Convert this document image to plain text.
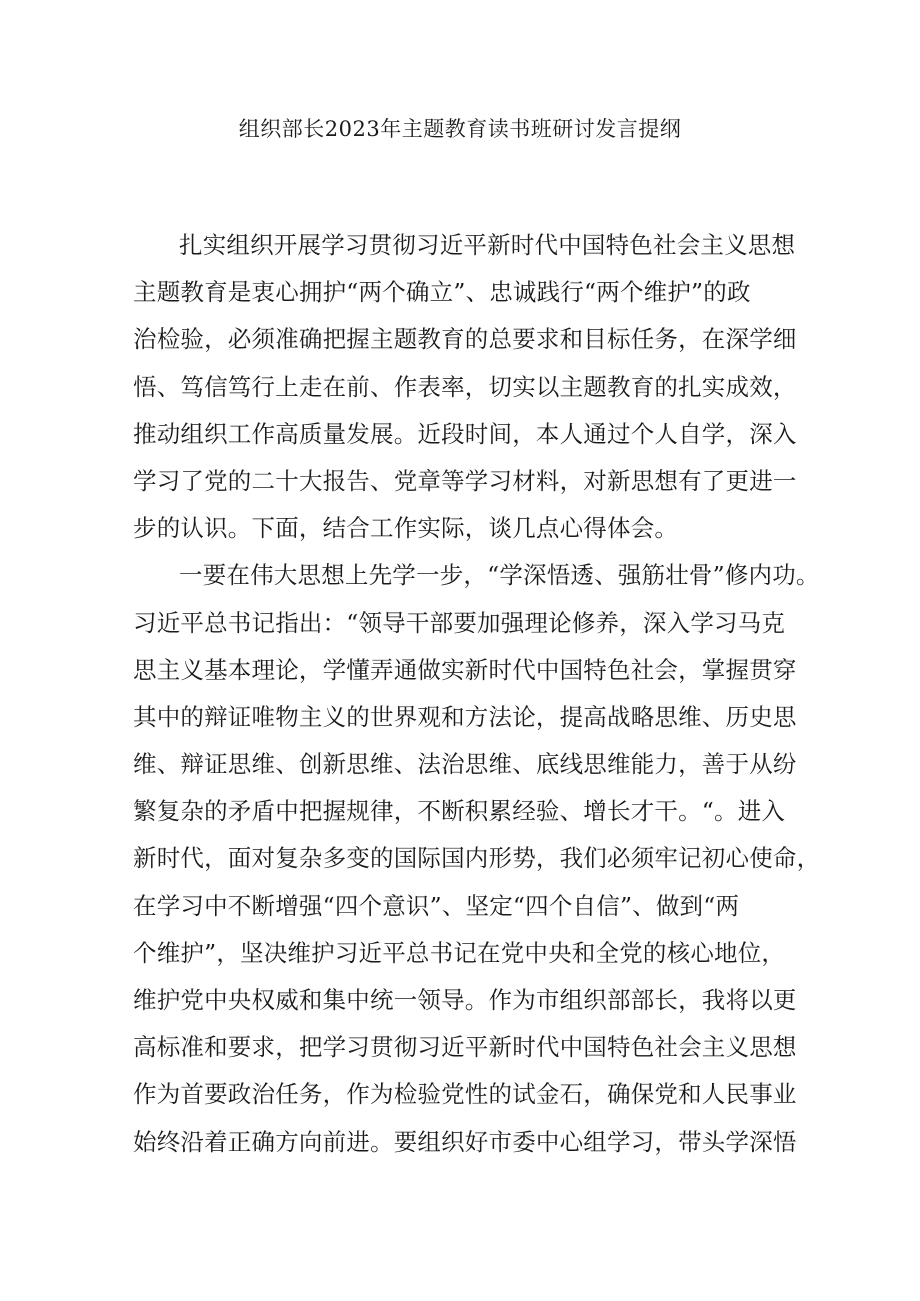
组织部长2023年主题教育读书班研讨发言提纲
扎实组织开展学习贯彻习近平新时代中国特色社会主义思想
主题教育是衷心拥护“两个确立”、忠诚践行“两个维护”的政
治检验，必须准确把握主题教育的总要求和目标任务，在深学细
悟、笃信笃行上走在前、作表率，切实以主题教育的扎实成效，
推动组织工作高质量发展。近段时间，本人通过个人自学，深入
学习了党的二十大报告、党章等学习材料，对新思想有了更进一
步的认识。下面，结合工作实际，谈几点心得体会。
一要在伟大思想上先学一步，“学深悟透、强筋壮骨”修内功。
习近平总书记指出：“领导干部要加强理论修养，深入学习马克
思主义基本理论，学懂弄通做实新时代中国特色社会，掌握贯穿
其中的辩证唯物主义的世界观和方法论，提高战略思维、历史思
维、辩证思维、创新思维、法治思维、底线思维能力，善于从纷
繁复杂的矛盾中把握规律，不断积累经验、增长才干。“。进入
新时代，面对复杂多变的国际国内形势，我们必须牢记初心使命，
在学习中不断增强“四个意识”、坚定“四个自信”、做到“两
个维护”，坚决维护习近平总书记在党中央和全党的核心地位，
维护党中央权威和集中统一领导。作为市组织部部长，我将以更
高标准和要求，把学习贯彻习近平新时代中国特色社会主义思想
作为首要政治任务，作为检验党性的试金石，确保党和人民事业
始终沿着正确方向前进。要组织好市委中心组学习，带头学深悟
